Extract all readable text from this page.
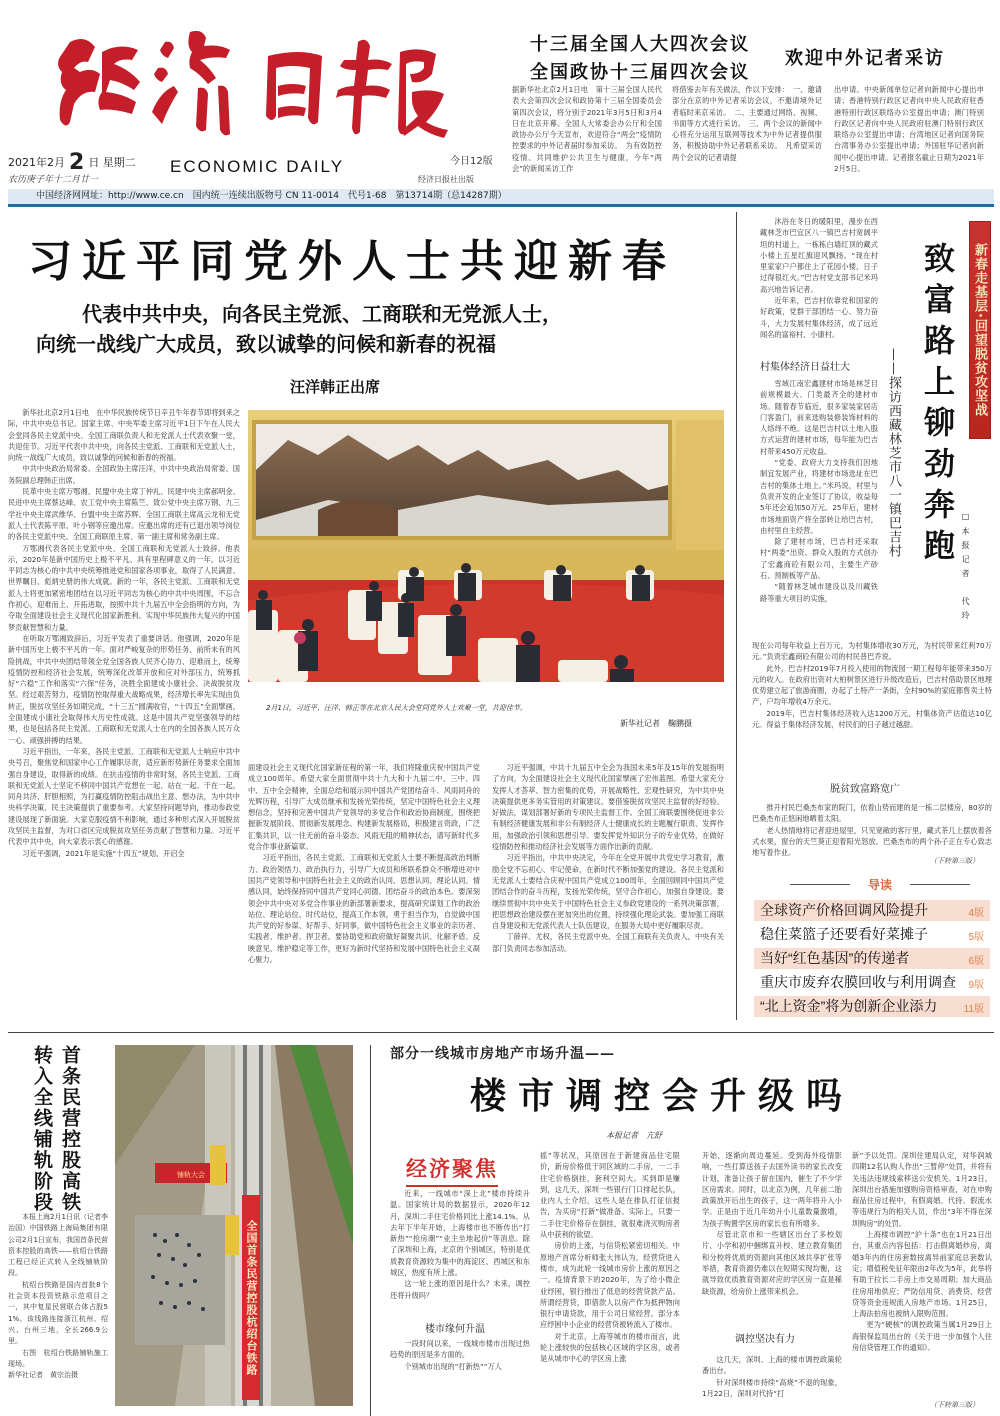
2021年2月 2 日 星期二
农历庚子年十二月廿一
ECONOMIC DAILY	今日12版
经济日报社出版
中国经济网网址：http://www.ce.cn　国内统一连续出版物号 CN 11-0014　代号1-68　第13714期（总14287期）
十三届全国人大四次会议
全国政协十三届四次会议
欢迎中外记者采访
据新华社北京2月1日电　第十三届全国人民代表大会第四次会议和政协第十三届全国委员会第四次会议，将分别于2021年3月5日和3月4日在北京开幕。全国人大常委会办公厅和全国政协办公厅今天宣布，欢迎符合“两会”疫情防控要求的中外记者届时参加采访。　为有效防控疫情、共同维护公共卫生与健康，今年“两会”的新闻采访工作
将借鉴去年有关做法，作以下安排：　一、邀请部分在京的中外记者采访会议，不邀请境外记者临时来京采访。　二、主要通过网络、视频、书面等方式进行采访。　三、两个会议的新闻中心将充分运用互联网等技术为中外记者提供服务，积极协助中外记者联系采访。　凡希望采访两个会议的记者请提
出申请。中央新闻单位记者向新闻中心提出申请；香港特别行政区记者向中央人民政府驻香港特别行政区联络办公室提出申请；澳门特别行政区记者向中央人民政府驻澳门特别行政区联络办公室提出申请；台湾地区记者向国务院台湾事务办公室提出申请；外国驻华记者向新闻中心提出申请。记者报名截止日期为2021年2月5日。
习近平同党外人士共迎新春
代表中共中央，向各民主党派、工商联和无党派人士，
向统一战线广大成员，致以诚挚的问候和新春的祝福
汪洋韩正出席
2月1日，习近平、汪洋、韩正等在北京人民大会堂同党外人士欢聚一堂，共迎佳节。
新华社记者　鞠鹏摄

新华社北京2月1日电　在中华民族传统节日辛丑牛年春节即将到来之际，中共中央总书记、国家主席、中央军委主席习近平1日下午在人民大会堂同各民主党派中央、全国工商联负责人和无党派人士代表欢聚一堂，共迎佳节。习近平代表中共中央，向各民主党派、工商联和无党派人士，向统一战线广大成员，致以诚挚的问候和新春的祝福。

中共中央政治局常委、全国政协主席汪洋，中共中央政治局常委、国务院副总理韩正出席。

民革中央主席万鄂湘、民盟中央主席丁仲礼、民建中央主席郝明金、民进中央主席蔡达峰、农工党中央主席陈竺、致公党中央主席万钢、九三学社中央主席武维华、台盟中央主席苏辉、全国工商联主席高云龙和无党派人士代表陈平原、叶小钢等应邀出席。应邀出席的还有已退出领导岗位的各民主党派中央、全国工商联原主席、第一副主席和常务副主席。

万鄂湘代表各民主党派中央、全国工商联和无党派人士致辞。他表示，2020年是新中国历史上极不平凡、具有里程碑意义的一年。以习近平同志为核心的中共中央统筹推进党和国家各项事业，取得了人民满意、世界瞩目、彪炳史册的伟大成就。新的一年，各民主党派、工商联和无党派人士将更加紧密地团结在以习近平同志为核心的中共中央周围，不忘合作初心，迎难而上、开拓进取，按照中共十九届五中全会指明的方向，为夺取全面建设社会主义现代化国家新胜利、实现中华民族伟大复兴的中国梦贡献智慧和力量。

在听取万鄂湘致辞后，习近平发表了重要讲话。他强调，2020年是新中国历史上极不平凡的一年。面对严峻复杂的形势任务、前所未有的风险挑战，中共中央团结带领全党全国各族人民齐心协力、迎难而上，统筹疫情防控和经济社会发展，统筹深化改革开放和应对外部压力，统筹抓好“六稳”工作和落实“六保”任务，决胜全面建成小康社会、决战脱贫攻坚。经过艰苦努力，疫情防控取得重大战略成果，经济增长率先实现由负转正，脱贫攻坚任务如期完成，“十三五”圆满收官，“十四五”全面擘画，全面建成小康社会取得伟大历史性成就。这是中国共产党坚强领导的结果，也是包括各民主党派、工商联和无党派人士在内的全国各族人民万众一心、顽强拼搏的结果。

习近平指出，一年来，各民主党派、工商联和无党派人士响应中共中央号召，聚焦党和国家中心工作履职尽责，适应新形势新任务要求全面加强自身建设，取得新的成绩。在抗击疫情的非常时刻，各民主党派、工商联和无党派人士坚定不移同中国共产党想在一起、站在一起、干在一起，同舟共济、肝胆相照，为打赢疫情防控阻击战出主意、想办法，为中共中央科学决策、民主决策提供了重要参考。大家坚持问题导向，推动参政党建设展现了新面貌。大家克服疫情不利影响，通过多种形式深入开展脱贫攻坚民主监督，为对口省区完成脱贫攻坚任务贡献了智慧和力量。习近平代表中共中央，向大家表示衷心的感谢。

习近平强调，2021年是实施“十四五”规划、开启全

面建设社会主义现代化国家新征程的第一年，我们将隆重庆祝中国共产党成立100周年。希望大家全面贯彻中共十九大和十九届二中、三中、四中、五中全会精神，全面总结和展示同中国共产党团结奋斗、风雨同舟的光辉历程，引导广大成员继承和发扬光荣传统，坚定中国特色社会主义理想信念，坚持和完善中国共产党领导的多党合作和政治协商制度，围绕把握新发展阶段、贯彻新发展理念、构建新发展格局，积极建言资政，广泛汇集共识，以一往无前的奋斗姿态、风雨无阻的精神状态，谱写新时代多党合作事业新篇章。

习近平指出，各民主党派、工商联和无党派人士要不断提高政治判断力、政治领悟力、政治执行力，引导广大成员和所联系群众不断增进对中国共产党领导和中国特色社会主义的政治认同、思想认同、理论认同、情感认同，始终保持同中国共产党同心同德、团结奋斗的政治本色。要深刻领会中共中央对多党合作事业的新部署新要求，提高研究谋划工作的政治站位、理论站位、时代站位，提高工作本领，勇于担当作为，自觉做中国共产党的好参谋、好帮手、好同事，做中国特色社会主义事业的亲历者、实践者、维护者、捍卫者。要协助党和政府做好凝聚共识、化解矛盾、反映意见、维护稳定等工作，更好为新时代坚持和发展中国特色社会主义凝心聚力。

习近平强调，中共十九届五中全会为我国未来5年及15年的发展指明了方向，为全面建设社会主义现代化国家擘画了宏伟蓝图。希望大家充分发挥人才荟萃、智力密集的优势，开展战略性、宏观性研究，为中共中央决策提供更多务实管用的对策建议。要借鉴脱贫攻坚民主监督的好经验、好做法，谋划部署好新的专项民主监督工作。全国工商联要围绕促进非公有制经济健康发展和非公有制经济人士健康成长的主题履行职责、发挥作用，加强政治引领和思想引导。要发挥党外知识分子的专业优势，在做好疫情防控和推动经济社会发展等方面作出新的贡献。

习近平指出，中共中央决定，今年在全党开展中共党史学习教育，激励全党不忘初心、牢记使命，在新时代不断加强党的建设。各民主党派和无党派人士要结合庆祝中国共产党成立100周年，全面回顾同中国共产党团结合作的奋斗历程，发扬光荣传统，坚守合作初心，加强自身建设。要继续贯彻中共中央关于中国特色社会主义参政党建设的一系列决策部署，把思想政治建设摆在更加突出的位置，持续强化理论武装。要加强工商联自身建设和无党派代表人士队伍建设，在服务大局中更好履职尽责。

丁薛祥、尤权，各民主党派中央、全国工商联有关负责人，中央有关部门负责同志参加活动。

新春走基层·回望脱贫攻坚战
致富路上铆劲奔跑
——探访西藏林芝市八一镇巴吉村
□本报记者　代玲

沐浴在冬日的暖阳里，漫步在西藏林芝市巴宜区八一镇巴吉村宽阔平坦的村道上，一栋栋白墙红顶的藏式小楼上五星红旗迎风飘扬。“现在村里家家户户都住上了花园小楼，日子过得很红火。”巴吉村党支部书记米玛高兴地告诉记者。

近年来，巴吉村依靠党和国家的好政策，党群干部团结一心、努力奋斗，大力发展村集体经济，成了远近闻名的富裕村、小康村。

村集体经济日益壮大

雪域江南宏鑫建材市场是林芝目前规模最大、门类最齐全的建材市场。随着春节临近，很多家装家居店门客盈门，前来选购装修装饰材料的人络绎不绝。这是巴吉村以土地入股方式运营的建材市场，每年能为巴吉村带来450万元收益。

“党委、政府大力支持我们因地制宜发展产业，将建材市场选址在巴吉村的集体土地上。”米玛说，村里与负责开发的企业签订了协议，收益每5年还会追加50万元。25年后，建材市场地面资产将全部转让给巴吉村，由村里自主经营。

除了建材市场，巴吉村还采取村“两委”出资、群众入股的方式创办了宏鑫商砼有限公司，主要生产砂石、预制板等产品。

“随着林芝城市建设以及川藏铁路等重大项目的实施，

现在公司每年收益上百万元，为村集体增收30万元，为村民带来红利70万元。”负责宏鑫商砼有限公司的村民普巴乔说。

此外，巴吉村2019年7月投入使用的物流园一期工程每年能带来350万元的收入。在政府出资对大柏树景区进行升级改造后，巴吉村借助景区地理优势建立起了旅游商圈，办起了土特产一条街，全村90%的家庭都售卖土特产，户均年增收4万余元。

2019年，巴吉村集体经济收入达1200万元，村集体资产估值达10亿元。得益于集体经济发展，村民们的日子越过越甜。

脱贫致富路宽广

推开村民巴桑杰布家的院门，依着山势而建的是一栋二层楼房，80岁的巴桑杰布正悠闲地晒着太阳。

老人热情地将记者迎进屋里，只见宽敞的客厅里，藏式茶几上摆放着各式水果，窗台的天竺葵正迎着阳光怒放。巴桑杰布的两个孙子正在专心致志地写着作业。

（下转第三版）
导读
全球资产价格回调风险提升	4版
稳住菜篮子还要看好菜摊子	5版
当好“红色基因”的传递者	6版
重庆市废弃农膜回收与利用调查 9版
“北上资金”将为创新企业添力	11版
首条民营控股高铁
转入全线铺轨阶段

本报上海2月1日讯（记者李治国）中国铁路上海局集团有限公司2月1日宣布，我国首条民营资本控股的高铁——杭绍台铁路工程已经正式转入全线铺轨阶段。

杭绍台铁路是国内首批8个社会资本投资铁路示范项目之一，其中复星民营联合体占股51%。该线路连接浙江杭州、绍兴、台州三地，全长266.9公里。

右图　杭绍台铁路铺轨施工现场。

新华社记者　黄宗治摄

铺轨大会
全国首条民营控股杭绍台铁路
部分一线城市房地产市场升温——
楼市调控会升级吗
本报记者　亢舒
经济聚焦

近来，一线城市“深上北”楼市持续升温。国家统计局的数据显示，2020年12月，深圳二手住宅价格同比上涨14.1%。从去年下半年开始，上海楼市也不断传出“打新热”“抢房潮”“业主坐地起价”等消息。除了深圳和上海，北京的个别城区，特别是优质教育资源较为集中的海淀区、西城区和东城区，热度有所上涨。

这一轮上涨的原因是什么？未来，调控还将升级吗？

楼市缘何升温

一段时间以来，一线城市楼市出现过热趋势的原因是多方面的。

个别城市出现的“打新热”“万人

摇”等状况，其原因在于新建商品住宅限价，新房价格低于同区域的二手房，一二手住宅价格倒挂，套利空间大。买到即是赚到，这几天，深圳一些银行门口排起长队，业内人士介绍，这些人是在排队打征信报告，为买房“打新”做准备。实际上，只要一二手住宅价格存在倒挂，就很难浇灭购房者从中获利的欲望。

房价的上涨，与信贷松紧密切相关。中原地产首席分析师张大伟认为，经营贷进入楼市，成为此轮一线城市房价上涨的原因之一。疫情背景下的2020年，为了给小微企业纾困，银行推出了低息的经营贷款产品。所谓经营贷，即借款人以房产作为抵押物向银行申请贷款，用于公司日常经营。部分本应纾困中小企业的经营贷被转流入了楼市。

对于北京、上海等城市的楼市而言，此轮上涨较快的包括核心区域的学区房，或者是从城市中心的学区房上涨

开始，逐渐向周边蔓延。受到海外疫情影响，一些打算送孩子去国外读书的家长改变计划，准备让孩子留在国内，催生了不少学区房需求。同时，以北京为例，几年前二胎政策放开后出生的孩子，这一两年将升入小学。正是由于近几年幼升小儿童数量激增，为孩子购置学区房的家长也有所增多。

尽管北京市和一些辖区出台了多校划片、小学和初中捆绑直升校、建立教育集团和分校将优质的资源向其他区域共享扩张等举措，教育资源仍难以在短期实现均衡，这就导致优质教育资源对应的学区房一直是稀缺资源，给房价上涨带来机会。

调控坚决有力

这几天，深圳、上海的楼市调控政策轮番出台。

针对深圳楼市持续“高烧”不退的现象，1月22日，深圳对代持“打

新”予以处罚。深圳住建局认定，对华润城四期12名认购人作出“三暂停”处罚，并将有关违法违规线索移送公安机关。1月23日，深圳出台措施加强购房资格审查，对在申购商品住房过程中，有假离婚、代持、假流水等违规行为的相关人员，作出“3年不得在深圳购房”的处罚。

上海楼市调控“沪十条”也在1月21日出台，其重点内容包括：打击假离婚炒房，离婚3年内的住房套数按离异前家庭总套数认定；增值税免征年限由2年改为5年，此举将有助于拉长二手房上市交易周期；加大商品住房用地供应；严防信用贷、消费贷、经营贷等资金违规流入房地产市场。1月25日，上海法拍房也被纳入限购范围。

更为“硬核”的调控政策当属1月29日上海银保监局出台的《关于进一步加强个人住房信贷管理工作的通知》。

（下转第三版）
